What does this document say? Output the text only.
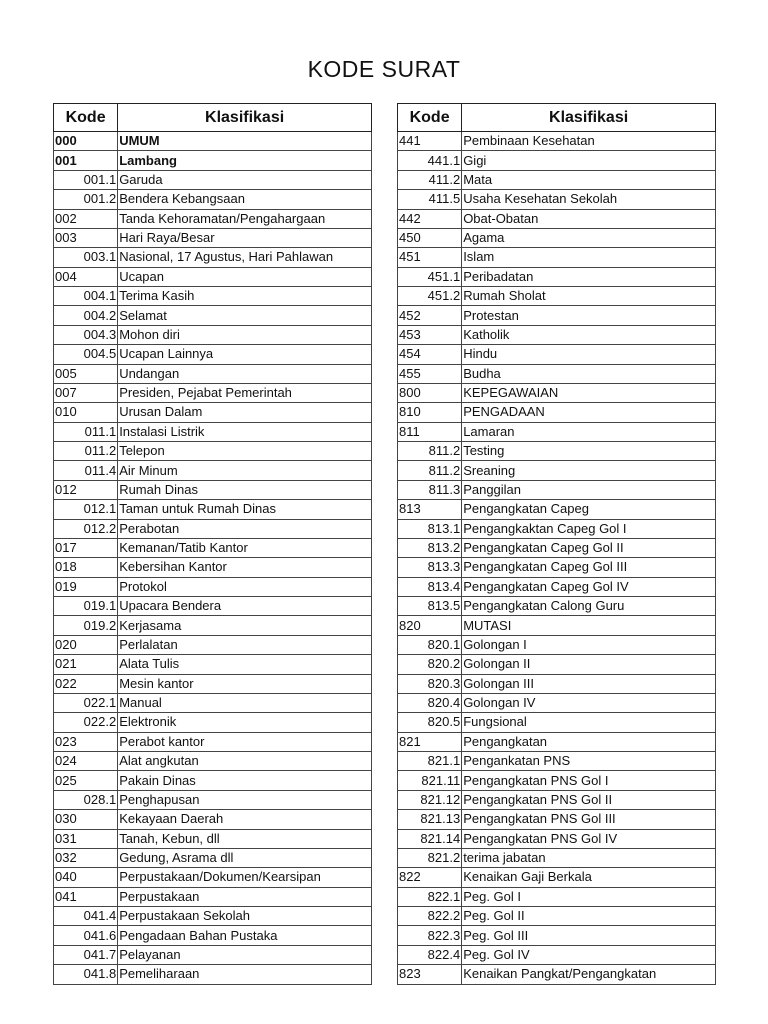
KODE SURAT
Kode	Klasifikasi
000	UMUM
001	Lambang
001.1	Garuda
001.2	Bendera Kebangsaan
002	Tanda Kehoramatan/Pengahargaan
003	Hari Raya/Besar
003.1	Nasional, 17 Agustus, Hari Pahlawan
004	Ucapan
004.1	Terima Kasih
004.2	Selamat
004.3	Mohon diri
004.5	Ucapan Lainnya
005	Undangan
007	Presiden, Pejabat Pemerintah
010	Urusan Dalam
011.1	Instalasi Listrik
011.2	Telepon
011.4	Air Minum
012	Rumah Dinas
012.1	Taman untuk Rumah Dinas
012.2	Perabotan
017	Kemanan/Tatib Kantor
018	Kebersihan Kantor
019	Protokol
019.1	Upacara Bendera
019.2	Kerjasama
020	Perlalatan
021	Alata Tulis
022	Mesin kantor
022.1	Manual
022.2	Elektronik
023	Perabot kantor
024	Alat angkutan
025	Pakain Dinas
028.1	Penghapusan
030	Kekayaan Daerah
031	Tanah, Kebun, dll
032	Gedung, Asrama dll
040	Perpustakaan/Dokumen/Kearsipan
041	Perpustakaan
041.4	Perpustakaan Sekolah
041.6	Pengadaan Bahan Pustaka
041.7	Pelayanan
041.8	Pemeliharaan
Kode	Klasifikasi
441	Pembinaan Kesehatan
441.1	Gigi
411.2	Mata
411.5	Usaha Kesehatan Sekolah
442	Obat-Obatan
450	Agama
451	Islam
451.1	Peribadatan
451.2	Rumah Sholat
452	Protestan
453	Katholik
454	Hindu
455	Budha
800	KEPEGAWAIAN
810	PENGADAAN
811	Lamaran
811.2	Testing
811.2	Sreaning
811.3	Panggilan
813	Pengangkatan Capeg
813.1	Pengangkaktan Capeg Gol I
813.2	Pengangkatan Capeg Gol II
813.3	Pengangkatan Capeg Gol III
813.4	Pengangkatan Capeg Gol IV
813.5	Pengangkatan Calong Guru
820	MUTASI
820.1	Golongan I
820.2	Golongan II
820.3	Golongan III
820.4	Golongan IV
820.5	Fungsional
821	Pengangkatan
821.1	Pengankatan PNS
821.11	Pengangkatan PNS Gol I
821.12	Pengangkatan PNS Gol II
821.13	Pengangkatan PNS Gol III
821.14	Pengangkatan PNS Gol IV
821.2	terima jabatan
822	Kenaikan Gaji Berkala
822.1	Peg. Gol I
822.2	Peg. Gol II
822.3	Peg. Gol III
822.4	Peg. Gol IV
823	Kenaikan Pangkat/Pengangkatan
